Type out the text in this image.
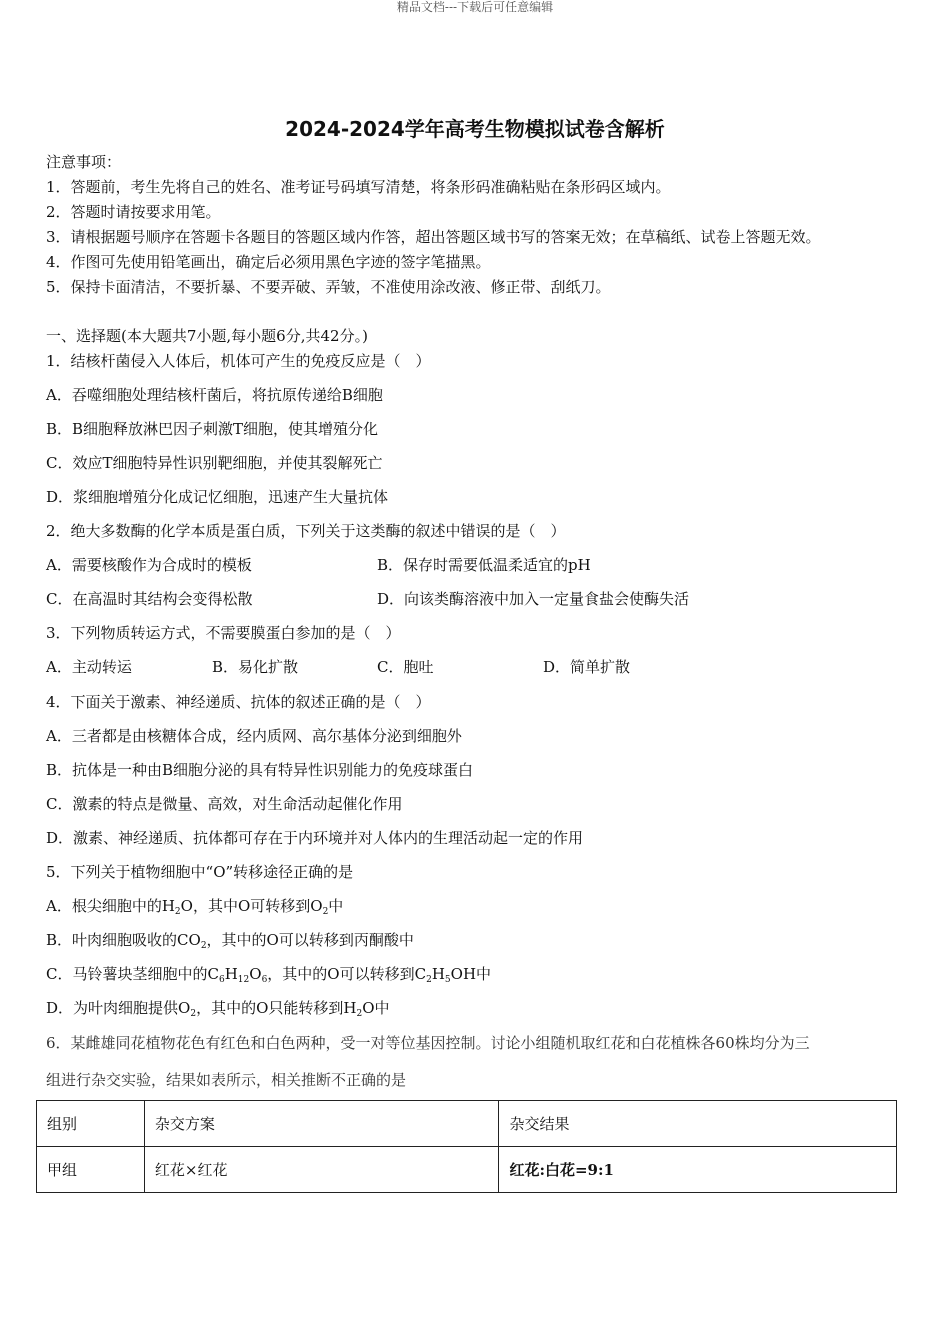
精品文档---下载后可任意编辑
2024-2024学年高考生物模拟试卷含解析
注意事项：
1．答题前，考生先将自己的姓名、准考证号码填写清楚，将条形码准确粘贴在条形码区域内。
2．答题时请按要求用笔。
3．请根据题号顺序在答题卡各题目的答题区域内作答，超出答题区域书写的答案无效；在草稿纸、试卷上答题无效。
4．作图可先使用铅笔画出，确定后必须用黑色字迹的签字笔描黑。
5．保持卡面清洁，不要折暴、不要弄破、弄皱，不准使用涂改液、修正带、刮纸刀。
一、选择题(本大题共7小题,每小题6分,共42分。)
1．结核杆菌侵入人体后，机体可产生的免疫反应是（　）
A．吞噬细胞处理结核杆菌后，将抗原传递给B细胞
B．B细胞释放淋巴因子刺激T细胞，使其增殖分化
C．效应T细胞特异性识别靶细胞，并使其裂解死亡
D．浆细胞增殖分化成记忆细胞，迅速产生大量抗体
2．绝大多数酶的化学本质是蛋白质，下列关于这类酶的叙述中错误的是（　）
A．需要核酸作为合成时的模板	B．保存时需要低温柔适宜的pH
C．在高温时其结构会变得松散	D．向该类酶溶液中加入一定量食盐会使酶失活
3．下列物质转运方式，不需要膜蛋白参加的是（　）
A．主动转运	B．易化扩散	C．胞吐	D．简单扩散
4．下面关于激素、神经递质、抗体的叙述正确的是（　）
A．三者都是由核糖体合成，经内质网、高尔基体分泌到细胞外
B．抗体是一种由B细胞分泌的具有特异性识别能力的免疫球蛋白
C．激素的特点是微量、高效，对生命活动起催化作用
D．激素、神经递质、抗体都可存在于内环境并对人体内的生理活动起一定的作用
5．下列关于植物细胞中“O”转移途径正确的是
A．根尖细胞中的$H_2O$，其中O可转移到$O_2$中
B．叶肉细胞吸收的$CO_2$，其中的O可以转移到丙酮酸中
C．马铃薯块茎细胞中的$C_6H_{12}O_6$，其中的O可以转移到$C_2H_5OH$中
D．为叶肉细胞提供$O_2$，其中的O只能转移到$H_2O$中
6．某雌雄同花植物花色有红色和白色两种，受一对等位基因控制。讨论小组随机取红花和白花植株各60株均分为三
组进行杂交实验，结果如表所示，相关推断不正确的是
组别	杂交方案	杂交结果
甲组	红花×红花	红花:白花=9:1
